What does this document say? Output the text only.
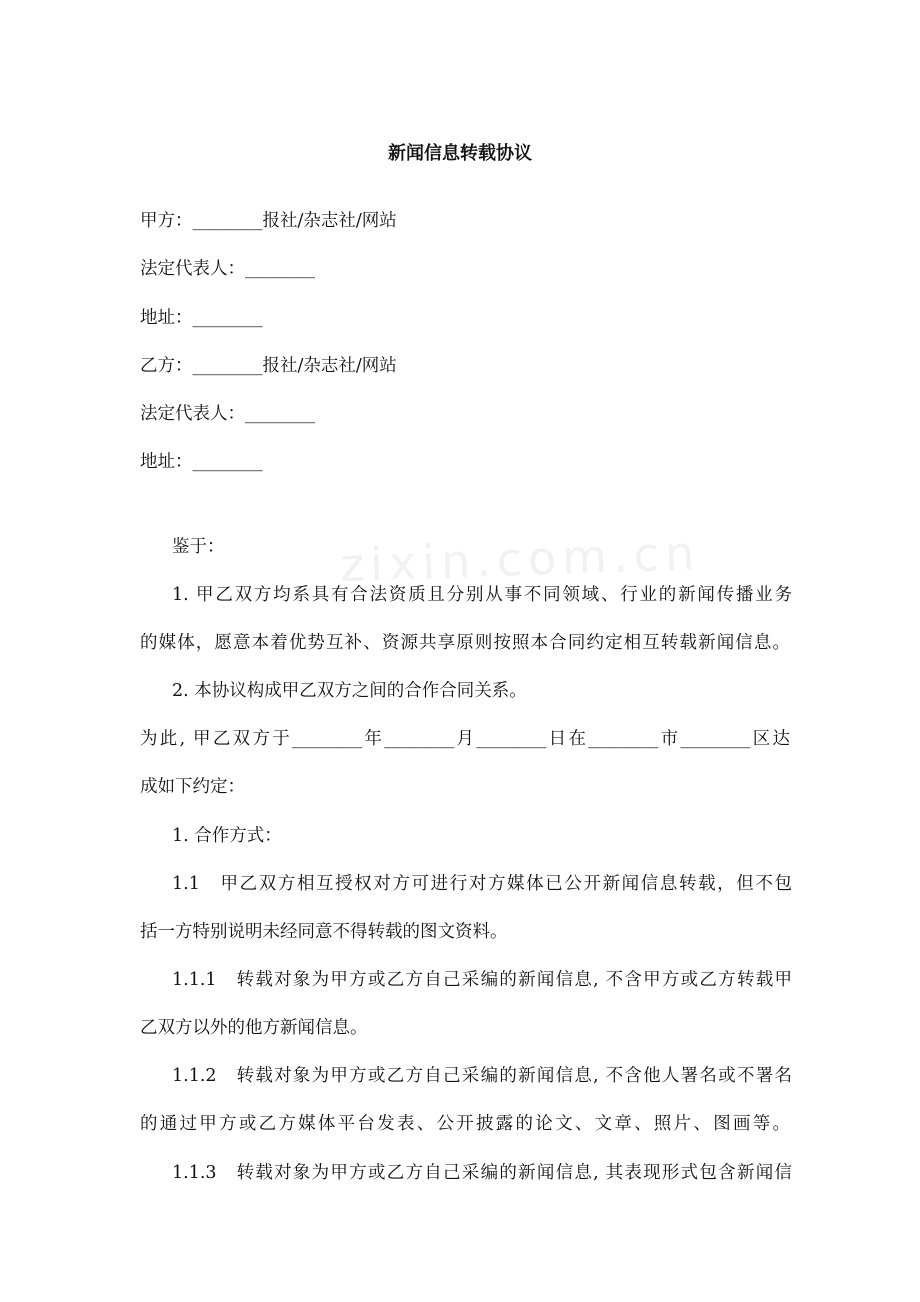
zixin.com.cn
新闻信息转载协议
甲方：________报社/杂志社/网站
法定代表人：________
地址：________
乙方：________报社/杂志社/网站
法定代表人：________
地址：________
鉴于：
1. 甲乙双方均系具有合法资质且分别从事不同领域、行业的新闻传播业务
的媒体，愿意本着优势互补、资源共享原则按照本合同约定相互转载新闻信息。
2. 本协议构成甲乙双方之间的合作合同关系。
为此, 甲乙双方于________年________月________日在________市________区达
成如下约定：
1. 合作方式：
1.1　甲乙双方相互授权对方可进行对方媒体已公开新闻信息转载，但不包
括一方特别说明未经同意不得转载的图文资料。
1.1.1　转载对象为甲方或乙方自己采编的新闻信息, 不含甲方或乙方转载甲
乙双方以外的他方新闻信息。
1.1.2　转载对象为甲方或乙方自己采编的新闻信息, 不含他人署名或不署名
的通过甲方或乙方媒体平台发表、公开披露的论文、文章、照片、图画等。
1.1.3　转载对象为甲方或乙方自己采编的新闻信息, 其表现形式包含新闻信
